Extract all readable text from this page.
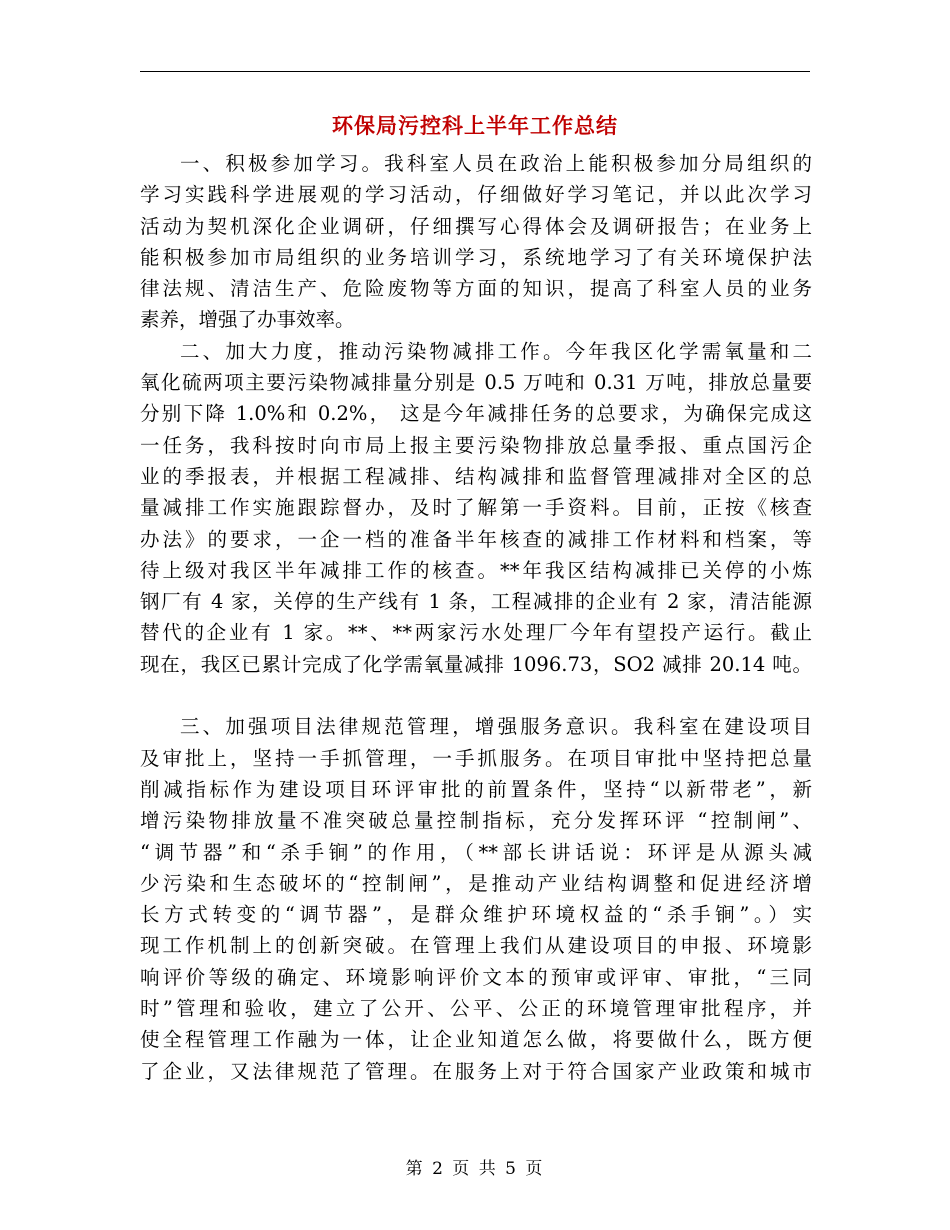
环保局污控科上半年工作总结
一、积极参加学习。我科室人员在政治上能积极参加分局组织的
学习实践科学进展观的学习活动，仔细做好学习笔记，并以此次学习
活动为契机深化企业调研，仔细撰写心得体会及调研报告；在业务上
能积极参加市局组织的业务培训学习，系统地学习了有关环境保护法
律法规、清洁生产、危险废物等方面的知识，提高了科室人员的业务
素养，增强了办事效率。
二、加大力度，推动污染物减排工作。今年我区化学需氧量和二
氧化硫两项主要污染物减排量分别是 0.5 万吨和 0.31 万吨，排放总量要
分别下降 1.0%和 0.2%， 这是今年减排任务的总要求，为确保完成这
一任务，我科按时向市局上报主要污染物排放总量季报、重点国污企
业的季报表，并根据工程减排、结构减排和监督管理减排对全区的总
量减排工作实施跟踪督办，及时了解第一手资料。目前，正按《核查
办法》的要求，一企一档的准备半年核查的减排工作材料和档案，等
待上级对我区半年减排工作的核查。**年我区结构减排已关停的小炼
钢厂有 4 家，关停的生产线有 1 条，工程减排的企业有 2 家，清洁能源
替代的企业有 1 家。**、**两家污水处理厂今年有望投产运行。截止
现在，我区已累计完成了化学需氧量减排 1096.73，SO2 减排 20.14 吨。
三、加强项目法律规范管理，增强服务意识。我科室在建设项目
及审批上，坚持一手抓管理，一手抓服务。在项目审批中坚持把总量
削减指标作为建设项目环评审批的前置条件，坚持“以新带老”，新
增污染物排放量不准突破总量控制指标，充分发挥环评 “控制闸”、
“调节器”和“杀手锏”的作用，（**部长讲话说：环评是从源头减
少污染和生态破坏的“控制闸”，是推动产业结构调整和促进经济增
长方式转变的“调节器”，是群众维护环境权益的“杀手锏”。）实
现工作机制上的创新突破。在管理上我们从建设项目的申报、环境影
响评价等级的确定、环境影响评价文本的预审或评审、审批，“三同
时”管理和验收，建立了公开、公平、公正的环境管理审批程序，并
使全程管理工作融为一体，让企业知道怎么做，将要做什么，既方便
了企业，又法律规范了管理。在服务上对于符合国家产业政策和城市
第 2 页 共 5 页
